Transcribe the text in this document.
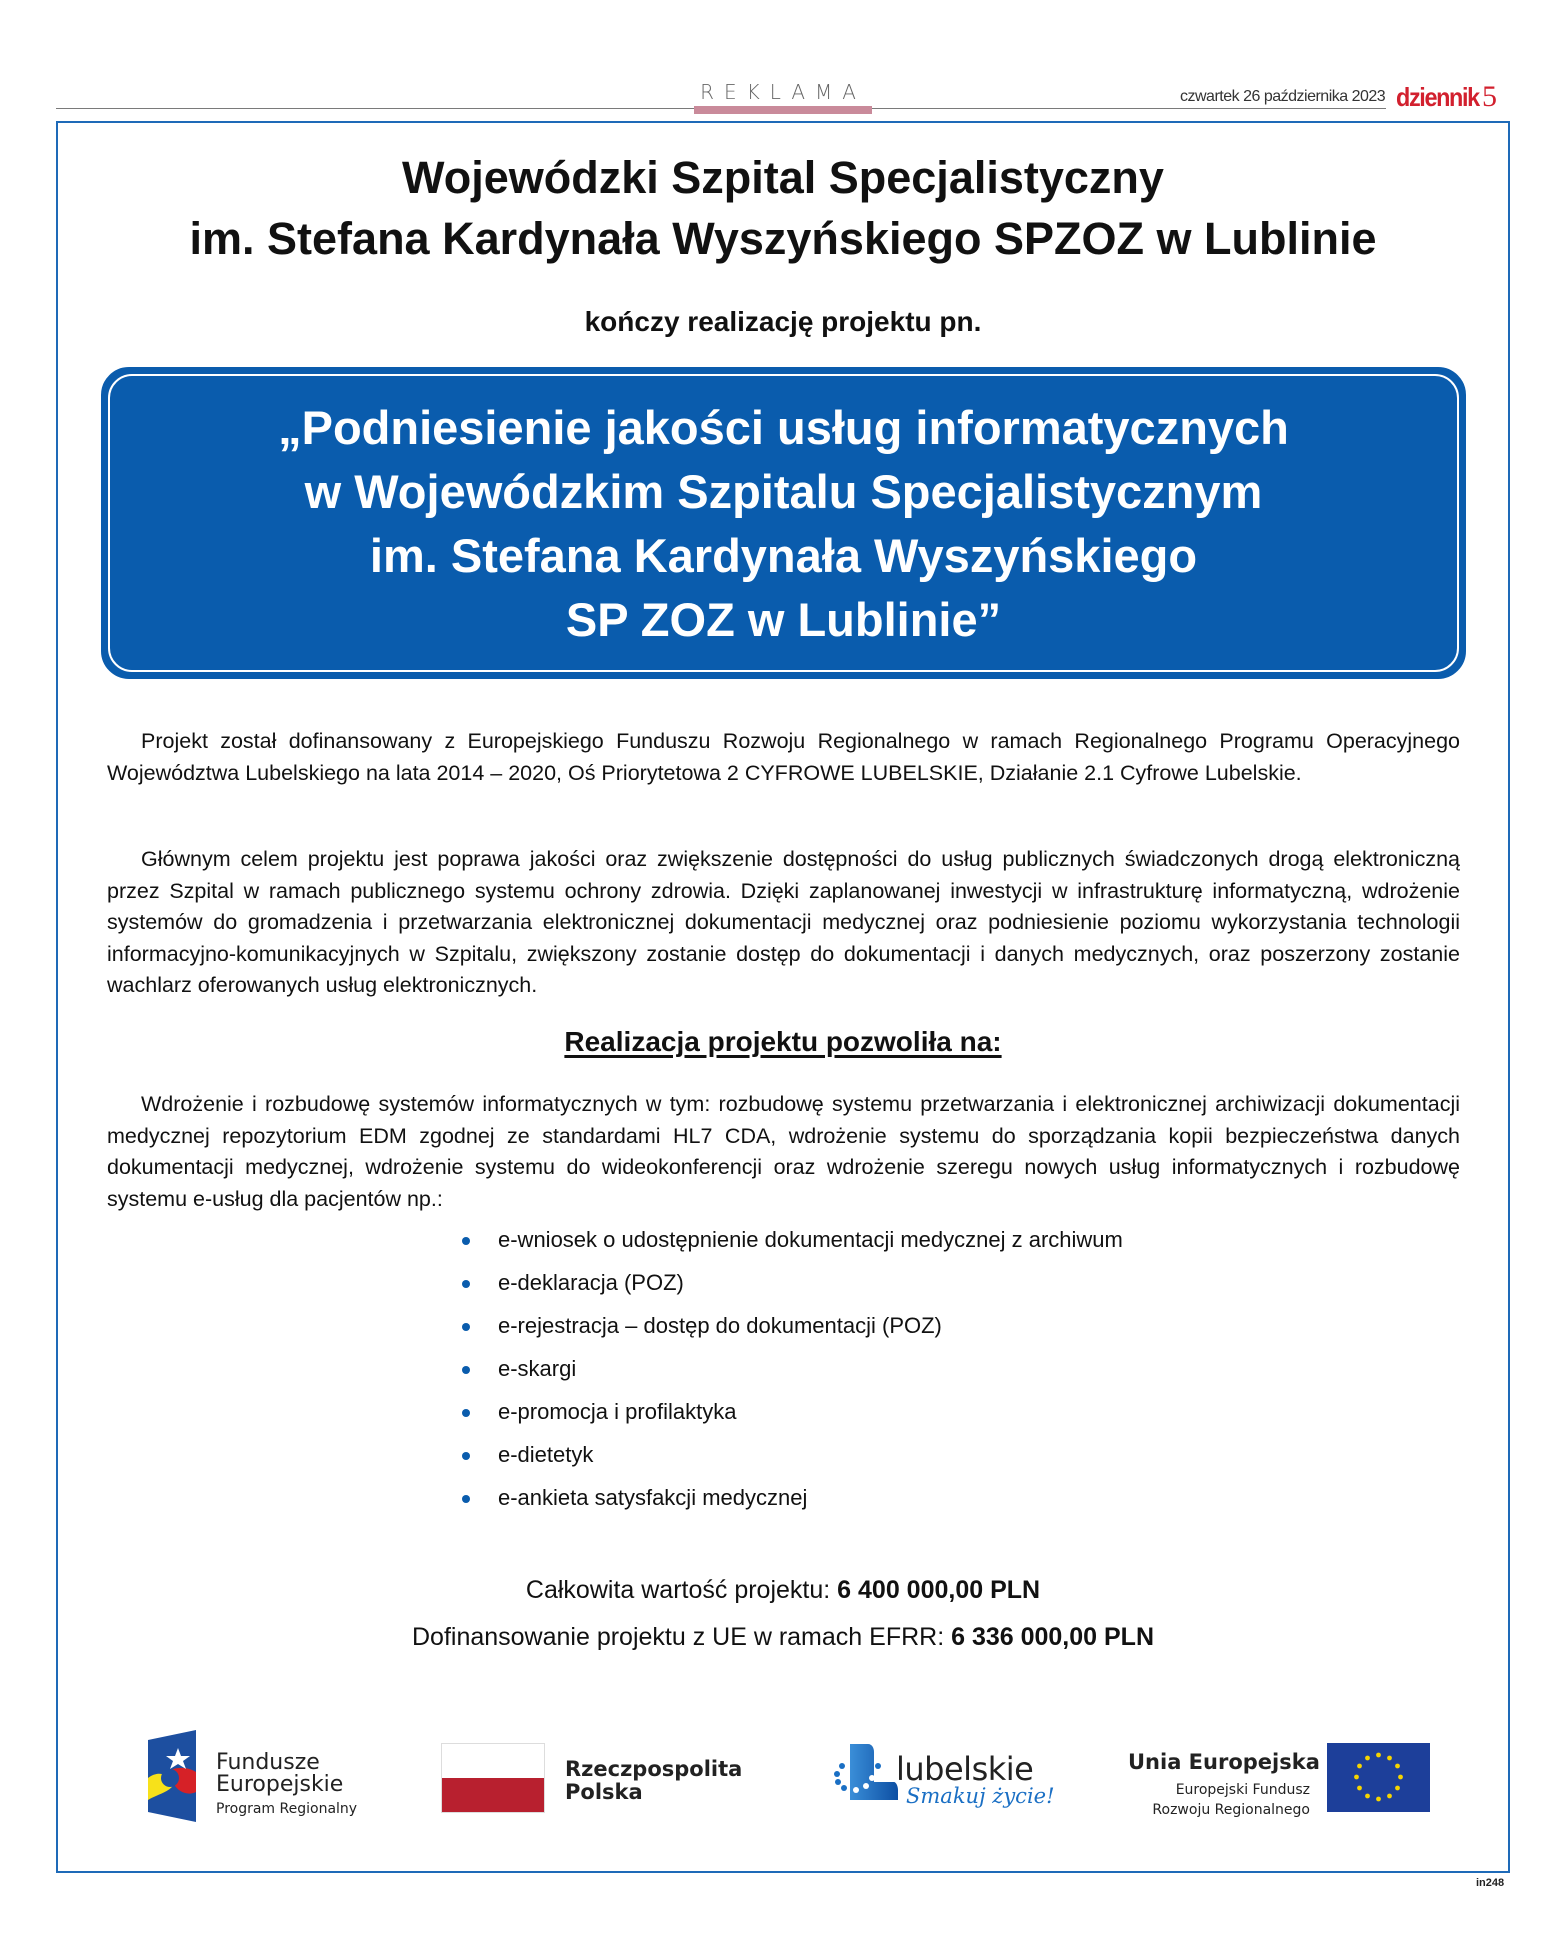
REKLAMA	czwartek 26 października 2023 dziennik 5
Wojewódzki Szpital Specjalistyczny
im. Stefana Kardynała Wyszyńskiego SPZOZ w Lublinie
kończy realizację projektu pn.
„Podniesienie jakości usług informatycznych
w Wojewódzkim Szpitalu Specjalistycznym
im. Stefana Kardynała Wyszyńskiego
SP ZOZ w Lublinie”

Projekt został dofinansowany z Europejskiego Funduszu Rozwoju Regionalnego w ramach Regionalnego Programu Operacyjnego Województwa Lubelskiego na lata 2014 – 2020, Oś Priorytetowa 2 CYFROWE LUBELSKIE, Działanie 2.1 Cyfrowe Lubelskie.

Głównym celem projektu jest poprawa jakości oraz zwiększenie dostępności do usług publicznych świadczonych drogą elektroniczną przez Szpital w ramach publicznego systemu ochrony zdrowia. Dzięki zaplanowanej inwestycji w infrastrukturę informatyczną, wdrożenie systemów do gromadzenia i przetwarzania elektronicznej dokumentacji medycznej oraz podniesienie poziomu wykorzystania technologii informacyjno-komunikacyjnych w Szpitalu, zwiększony zostanie dostęp do dokumentacji i danych medycznych, oraz poszerzony zostanie wachlarz oferowanych usług elektronicznych.

Realizacja projektu pozwoliła na:

Wdrożenie i rozbudowę systemów informatycznych w tym: rozbudowę systemu przetwarzania i elektronicznej archiwizacji dokumentacji medycznej repozytorium EDM zgodnej ze standardami HL7 CDA, wdrożenie systemu do sporządzania kopii bezpieczeństwa danych dokumentacji medycznej, wdrożenie systemu do wideokonferencji oraz wdrożenie szeregu nowych usług informatycznych i rozbudowę systemu e-usług dla pacjentów np.:

e-wniosek o udostępnienie dokumentacji medycznej z archiwum
e-deklaracja (POZ)
e-rejestracja – dostęp do dokumentacji (POZ)
e-skargi
e-promocja i profilaktyka
e-dietetyk
e-ankieta satysfakcji medycznej
Całkowita wartość projektu: 6 400 000,00 PLN
Dofinansowanie projektu z UE w ramach EFRR: 6 336 000,00 PLN
Fundusze
Europejskie
Program Regionalny
Rzeczpospolita
Polska
lubelskie
Smakuj życie!
Unia Europejska
Europejski Fundusz
Rozwoju Regionalnego
in248
